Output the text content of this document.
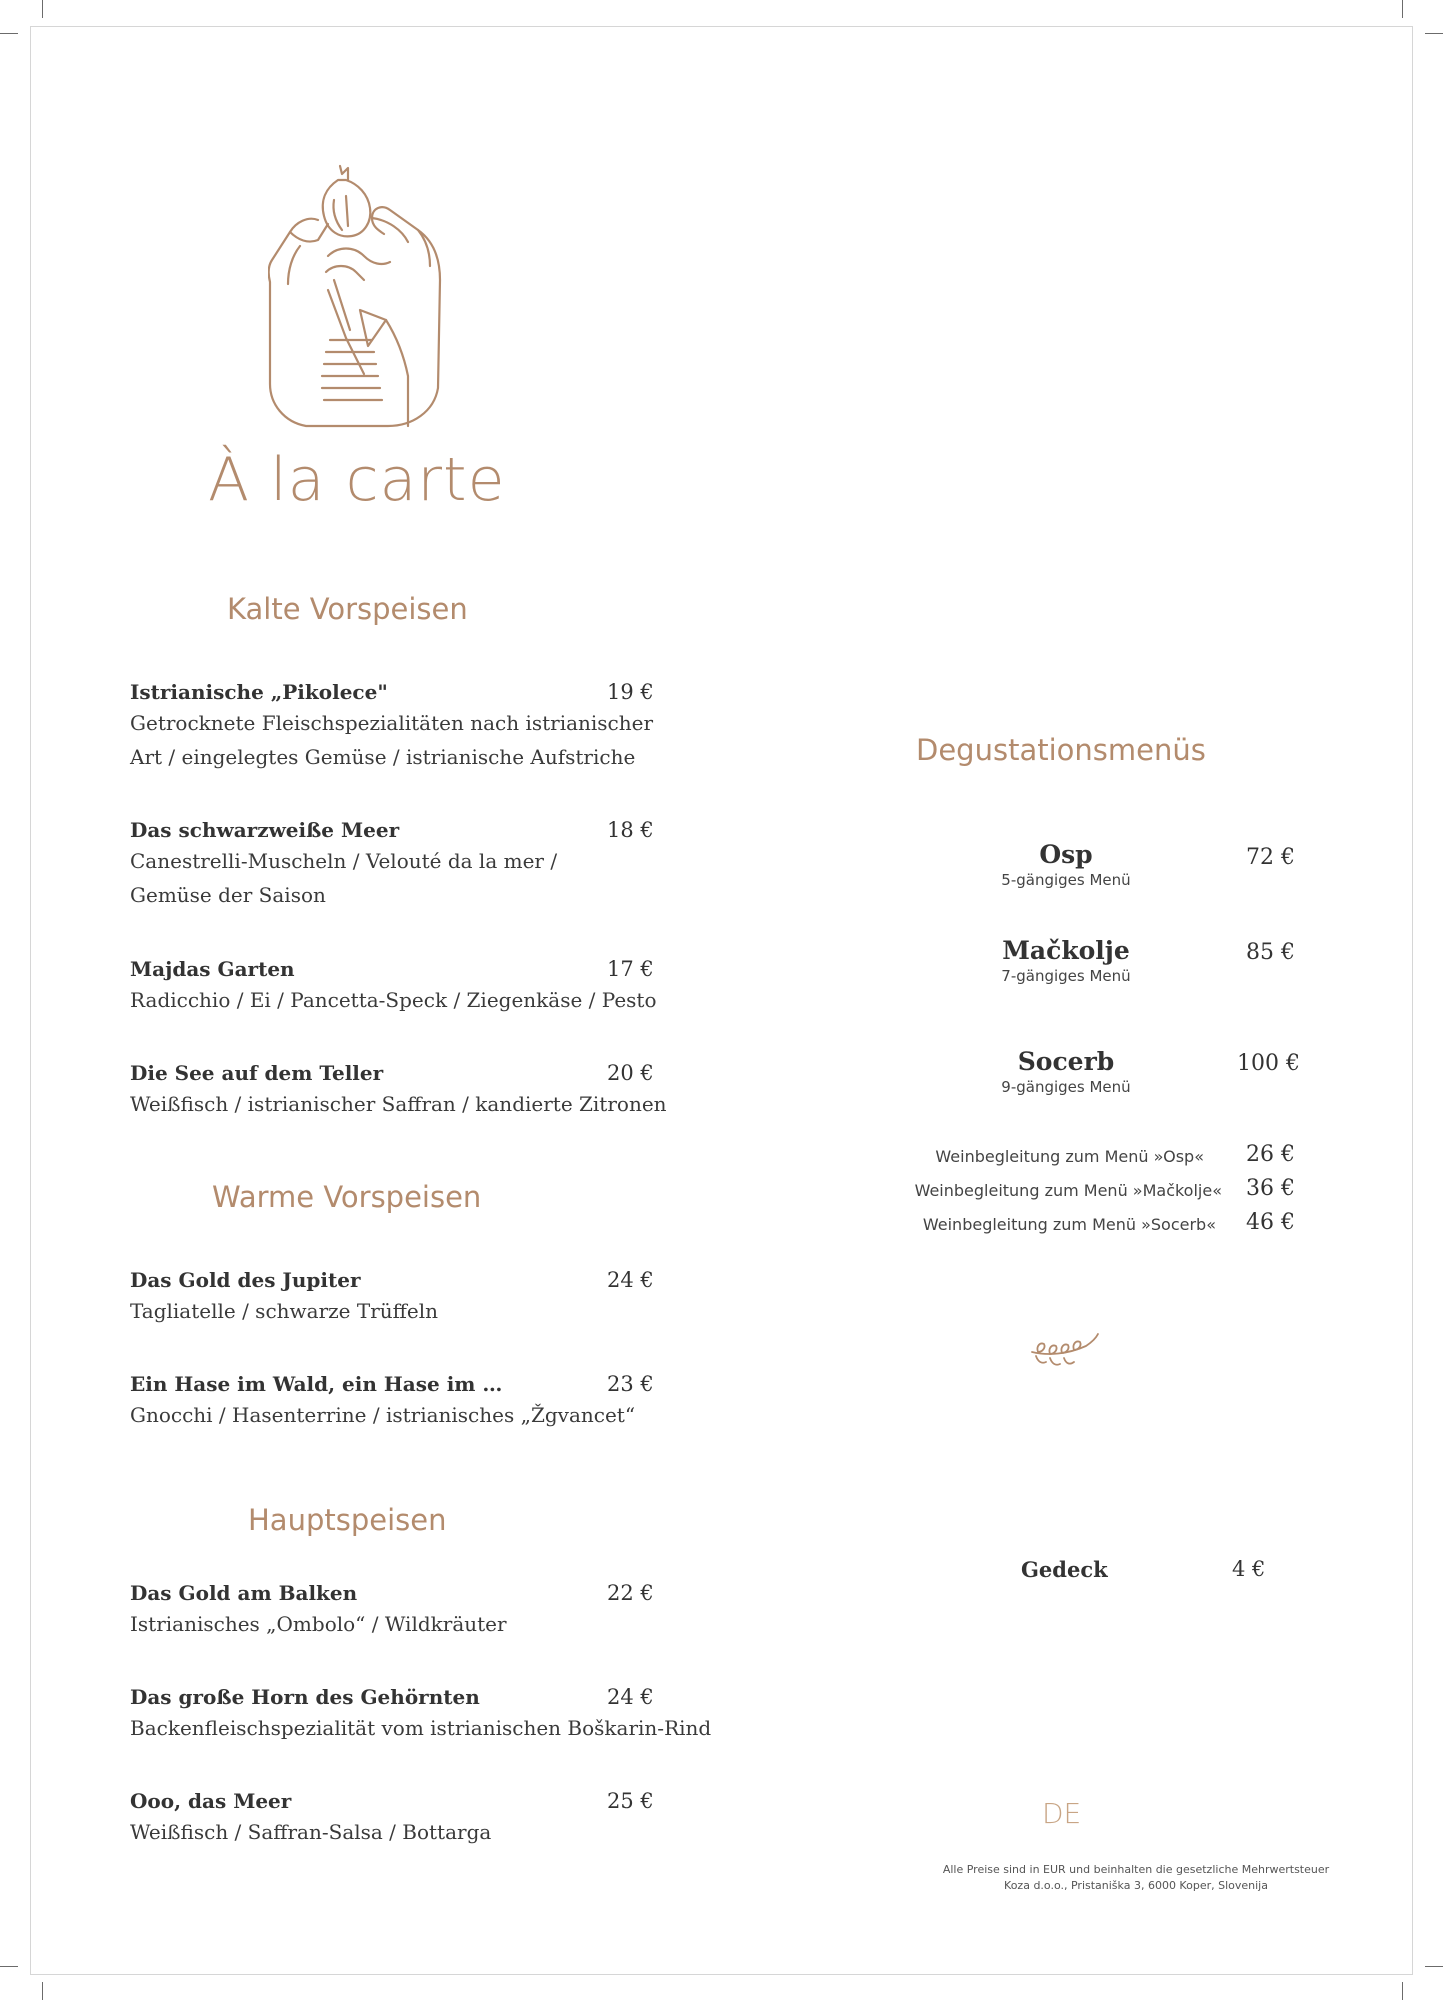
À la carte
Kalte Vorspeisen
Istrianische „Pikolece"	19 €
Getrocknete Fleischspezialitäten nach istrianischer
Art / eingelegtes Gemüse / istrianische Aufstriche
Das schwarzweiße Meer	18 €
Canestrelli-Muscheln / Velouté da la mer /
Gemüse der Saison
Majdas Garten	17 €
Radicchio / Ei / Pancetta-Speck / Ziegenkäse / Pesto
Die See auf dem Teller	20 €
Weißfisch / istrianischer Saffran / kandierte Zitronen
Warme Vorspeisen
Das Gold des Jupiter	24 €
Tagliatelle / schwarze Trüffeln
Ein Hase im Wald, ein Hase im …	23 €
Gnocchi / Hasenterrine / istrianisches „Žgvancet“
Hauptspeisen
Das Gold am Balken	22 €
Istrianisches „Ombolo“ / Wildkräuter
Das große Horn des Gehörnten	24 €
Backenfleischspezialität vom istrianischen Boškarin-Rind
Ooo, das Meer	25 €
Weißfisch / Saffran-Salsa / Bottarga
Degustationsmenüs
Osp
5-gängiges Menü
72 €
Mačkolje
7-gängiges Menü
85 €
Socerb
9-gängiges Menü
100 €
Weinbegleitung zum Menü »Osp« 26 €
Weinbegleitung zum Menü »Mačkolje« 36 €
Weinbegleitung zum Menü »Socerb« 46 €
Gedeck	4 €
DE
Alle Preise sind in EUR und beinhalten die gesetzliche Mehrwertsteuer
Koza d.o.o., Pristaniška 3, 6000 Koper, Slovenija
